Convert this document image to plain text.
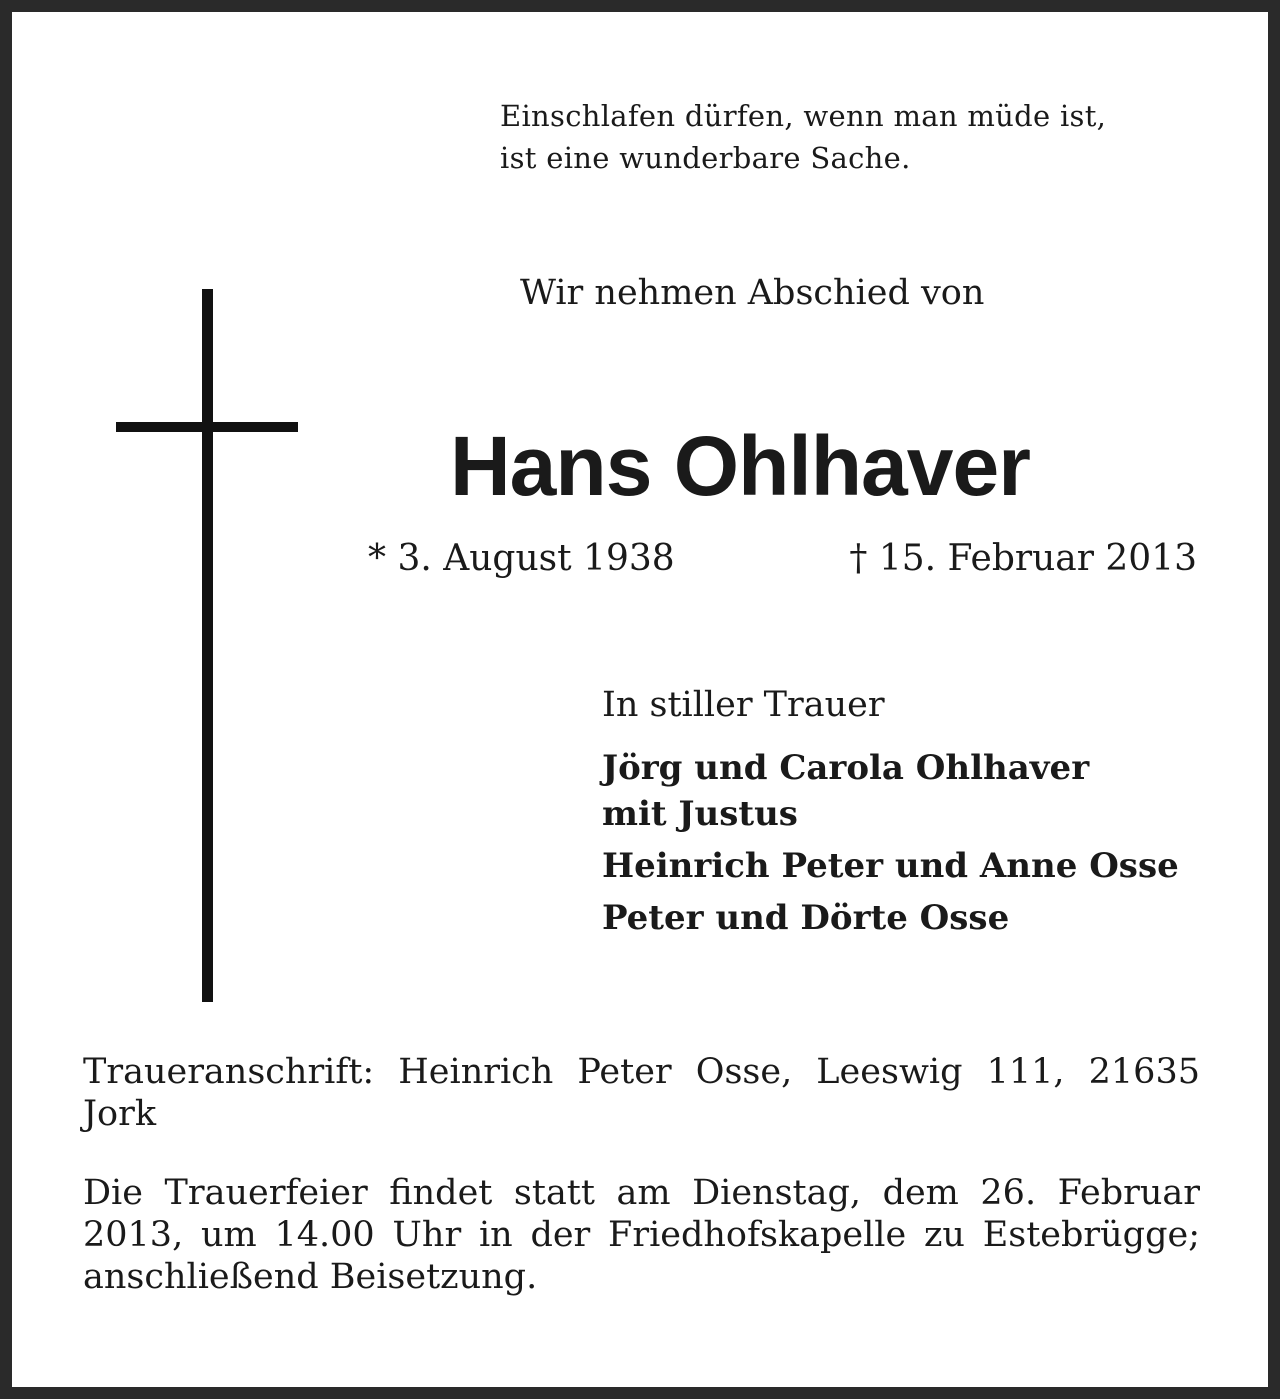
Einschlafen dürfen, wenn man müde ist,
ist eine wunderbare Sache.
Wir nehmen Abschied von
Hans Ohlhaver
* 3. August 1938	† 15. Februar 2013
In stiller Trauer
Jörg und Carola Ohlhaver
mit Justus
Heinrich Peter und Anne Osse
Peter und Dörte Osse
Traueranschrift: Heinrich Peter Osse, Leeswig 111, 21635 Jork
Die Trauerfeier findet statt am Dienstag, dem 26. Februar 2013, um 14.00 Uhr in der Friedhofskapelle zu Estebrügge; anschließend Beisetzung.
